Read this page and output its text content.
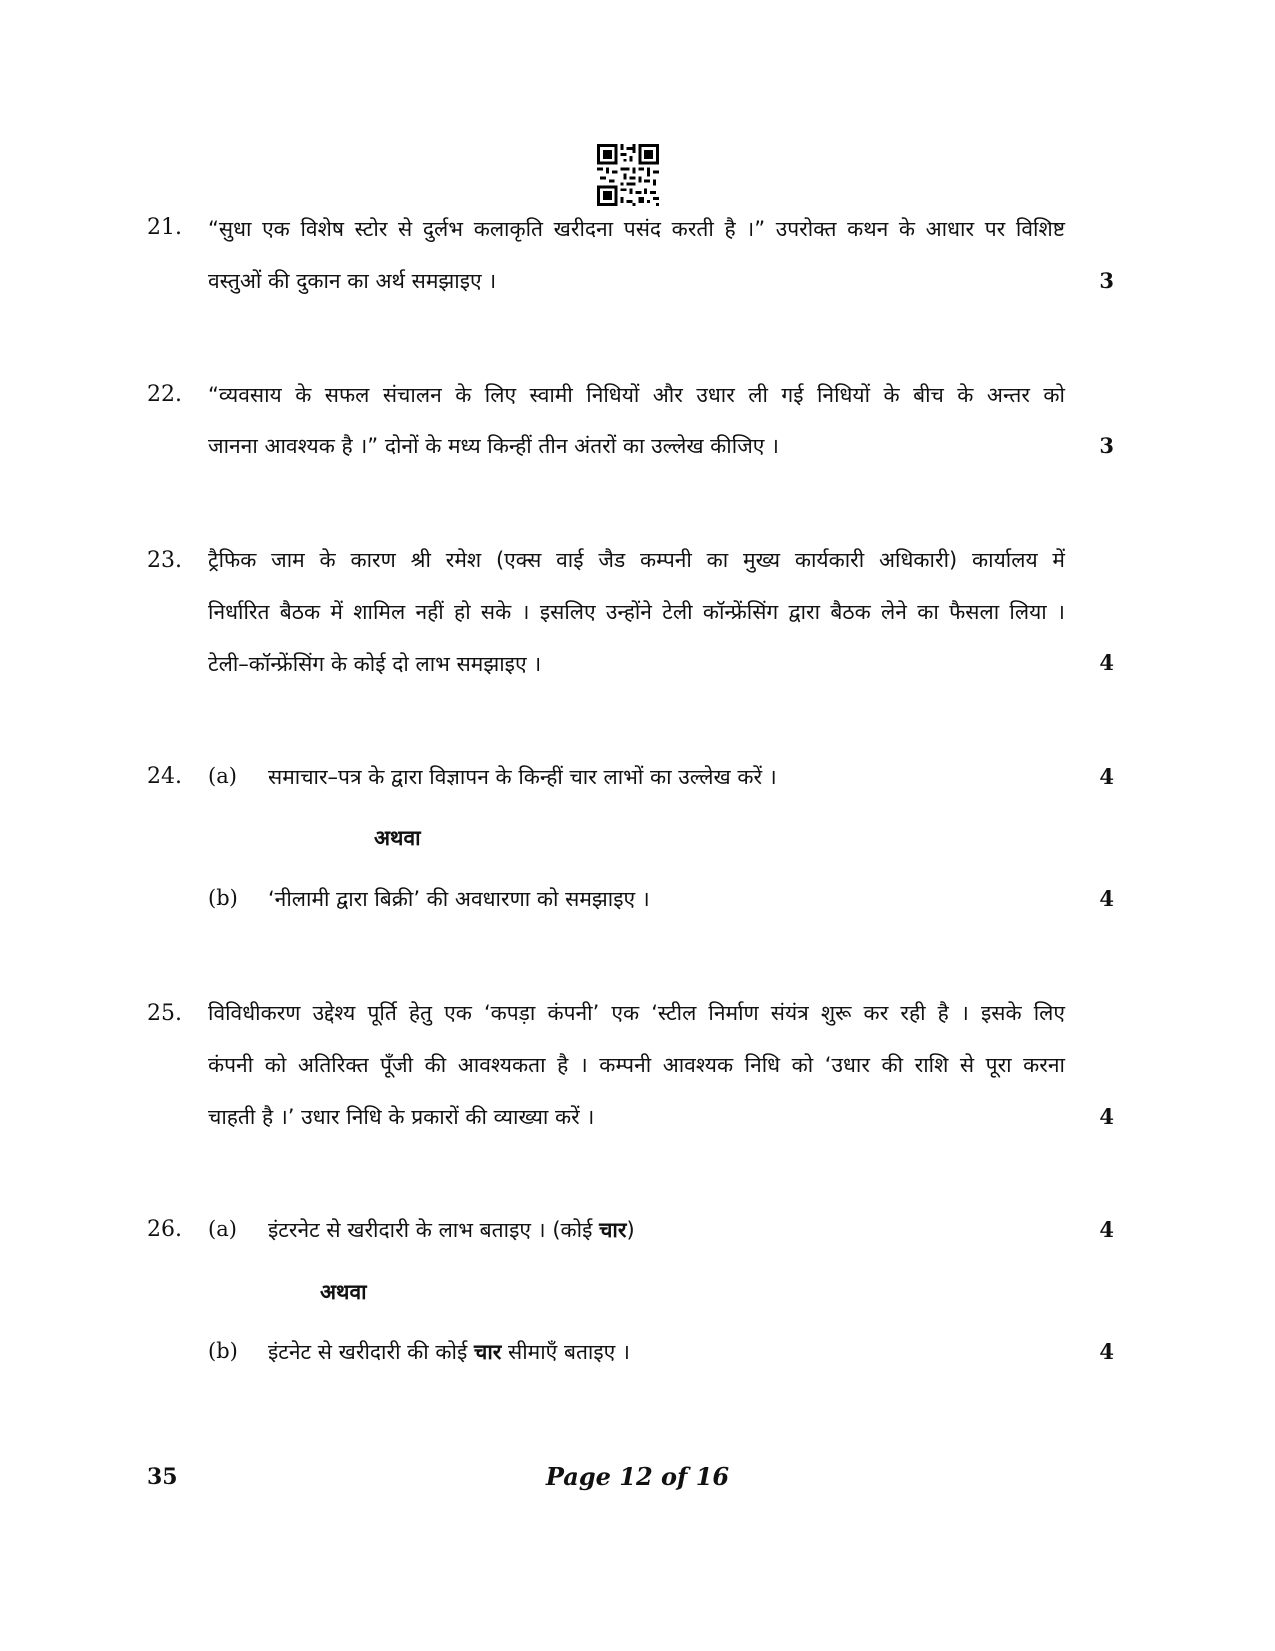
21. “सुधा एक विशेष स्टोर से दुर्लभ कलाकृति खरीदना पसंद करती है ।” उपरोक्त कथन के आधार पर विशिष्ट
वस्तुओं की दुकान का अर्थ समझाइए ।	3
22. “व्यवसाय के सफल संचालन के लिए स्वामी निधियों और उधार ली गई निधियों के बीच के अन्तर को
जानना आवश्यक है ।” दोनों के मध्य किन्हीं तीन अंतरों का उल्लेख कीजिए ।	3
23. ट्रैफिक जाम के कारण श्री रमेश (एक्स वाई जैड कम्पनी का मुख्य कार्यकारी अधिकारी) कार्यालय में
निर्धारित बैठक में शामिल नहीं हो सके । इसलिए उन्होंने टेली कॉन्फ्रेंसिंग द्वारा बैठक लेने का फैसला लिया ।
टेली–कॉन्फ्रेंसिंग के कोई दो लाभ समझाइए ।	4
24. (a) समाचार–पत्र के द्वारा विज्ञापन के किन्हीं चार लाभों का उल्लेख करें ।	4
अथवा
(b) ‘नीलामी द्वारा बिक्री’ की अवधारणा को समझाइए ।	4
25. विविधीकरण उद्देश्य पूर्ति हेतु एक ‘कपड़ा कंपनी’ एक ‘स्टील निर्माण संयंत्र शुरू कर रही है । इसके लिए
कंपनी को अतिरिक्त पूँजी की आवश्यकता है । कम्पनी आवश्यक निधि को ‘उधार की राशि से पूरा करना
चाहती है ।’ उधार निधि के प्रकारों की व्याख्या करें ।	4
26. (a) इंटरनेट से खरीदारी के लाभ बताइए । (कोई चार)	4
अथवा
(b) इंटनेट से खरीदारी की कोई चार सीमाएँ बताइए ।	4
35	Page 12 of 16
